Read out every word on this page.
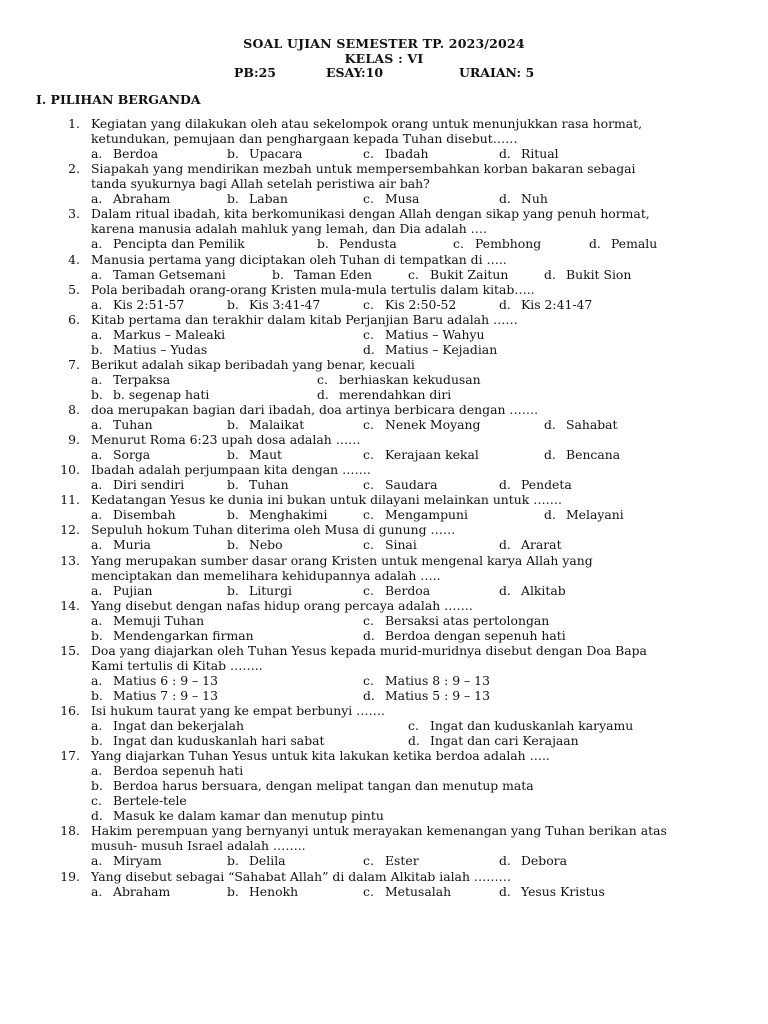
SOAL UJIAN SEMESTER TP. 2023/2024
KELAS : VI
PB:25	ESAY:10	URAIAN: 5
I. PILIHAN BERGANDA
1. Kegiatan yang dilakukan oleh atau sekelompok orang untuk menunjukkan rasa hormat,
ketundukan, pemujaan dan penghargaan kepada Tuhan disebut……
a. Berdoa	b. Upacara	c. Ibadah	d. Ritual
2. Siapakah yang mendirikan mezbah untuk mempersembahkan korban bakaran sebagai
tanda syukurnya bagi Allah setelah peristiwa air bah?
a. Abraham	b. Laban	c. Musa	d. Nuh
3. Dalam ritual ibadah, kita berkomunikasi dengan Allah dengan sikap yang penuh hormat,
karena manusia adalah mahluk yang lemah, dan Dia adalah ….
a. Pencipta dan Pemilik	b. Pendusta	c. Pembhong	d. Pemalu
4. Manusia pertama yang diciptakan oleh Tuhan di tempatkan di …..
a. Taman Getsemani	b. Taman Eden	c. Bukit Zaitun	d. Bukit Sion
5. Pola beribadah orang-orang Kristen mula-mula tertulis dalam kitab…..
a. Kis 2:51-57	b. Kis 3:41-47	c. Kis 2:50-52	d. Kis 2:41-47
6. Kitab pertama dan terakhir dalam kitab Perjanjian Baru adalah ……
a. Markus – Maleaki	c. Matius – Wahyu
b. Matius – Yudas	d. Matius – Kejadian
7. Berikut adalah sikap beribadah yang benar, kecuali
a. Terpaksa	c. berhiaskan kekudusan
b. b. segenap hati	d. merendahkan diri
8. doa merupakan bagian dari ibadah, doa artinya berbicara dengan …….
a. Tuhan	b. Malaikat	c. Nenek Moyang	d. Sahabat
9. Menurut Roma 6:23 upah dosa adalah ……
a. Sorga	b. Maut	c. Kerajaan kekal	d. Bencana
10. Ibadah adalah perjumpaan kita dengan …….
a. Diri sendiri	b. Tuhan	c. Saudara	d. Pendeta
11. Kedatangan Yesus ke dunia ini bukan untuk dilayani melainkan untuk …….
a. Disembah	b. Menghakimi	c. Mengampuni	d. Melayani
12. Sepuluh hokum Tuhan diterima oleh Musa di gunung ……
a. Muria	b. Nebo	c. Sinai	d. Ararat
13. Yang merupakan sumber dasar orang Kristen untuk mengenal karya Allah yang
menciptakan dan memelihara kehidupannya adalah …..
a. Pujian	b. Liturgi	c. Berdoa	d. Alkitab
14. Yang disebut dengan nafas hidup orang percaya adalah …….
a. Memuji Tuhan	c. Bersaksi atas pertolongan
b. Mendengarkan firman	d. Berdoa dengan sepenuh hati
15. Doa yang diajarkan oleh Tuhan Yesus kepada murid-muridnya disebut dengan Doa Bapa
Kami tertulis di Kitab ……..
a. Matius 6 : 9 – 13	c. Matius 8 : 9 – 13
b. Matius 7 : 9 – 13	d. Matius 5 : 9 – 13
16. Isi hukum taurat yang ke empat berbunyi …….
a. Ingat dan bekerjalah	c. Ingat dan kuduskanlah karyamu
b. Ingat dan kuduskanlah hari sabat	d. Ingat dan cari Kerajaan
17. Yang diajarkan Tuhan Yesus untuk kita lakukan ketika berdoa adalah …..
a. Berdoa sepenuh hati
b. Berdoa harus bersuara, dengan melipat tangan dan menutup mata
c. Bertele-tele
d. Masuk ke dalam kamar dan menutup pintu
18. Hakim perempuan yang bernyanyi untuk merayakan kemenangan yang Tuhan berikan atas
musuh- musuh Israel adalah ……..
a. Miryam	b. Delila	c. Ester	d. Debora
19. Yang disebut sebagai “Sahabat Allah” di dalam Alkitab ialah ………
a. Abraham	b. Henokh	c. Metusalah	d. Yesus Kristus
